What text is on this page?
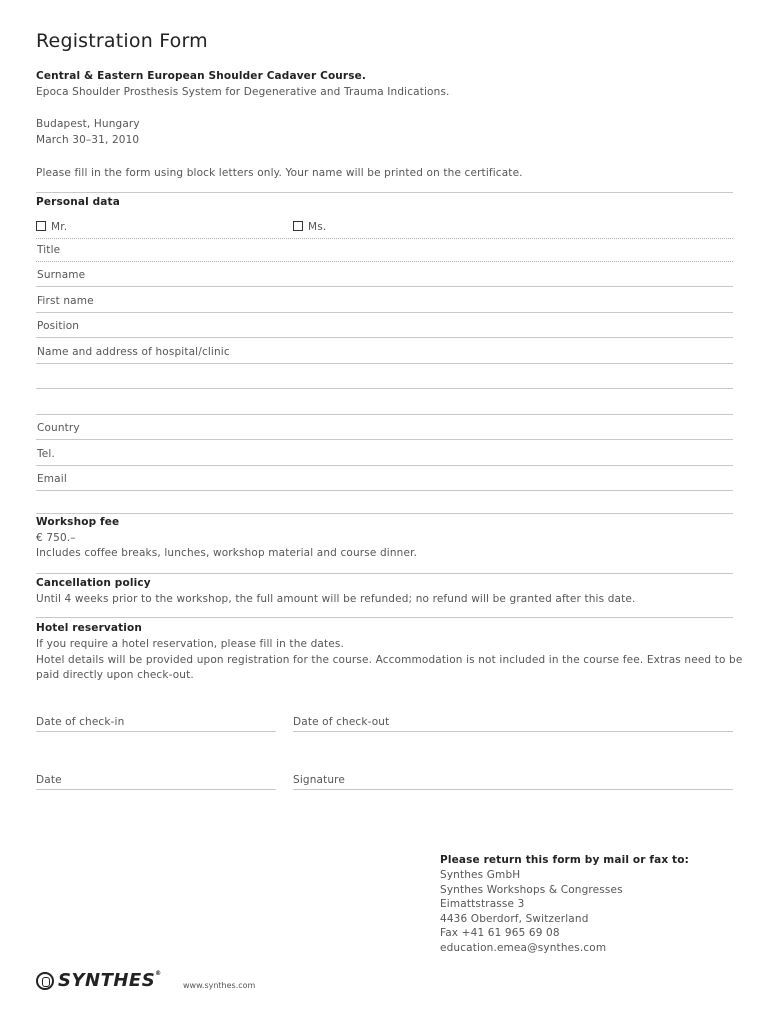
Registration Form
Central & Eastern European Shoulder Cadaver Course.
Epoca Shoulder Prosthesis System for Degenerative and Trauma Indications.
Budapest, Hungary
March 30–31, 2010
Please fill in the form using block letters only. Your name will be printed on the certificate.
Personal data
Mr.	Ms.
Title
Surname
First name
Position
Name and address of hospital/clinic
Country
Tel.
Email
Workshop fee
€ 750.–
Includes coffee breaks, lunches, workshop material and course dinner.
Cancellation policy
Until 4 weeks prior to the workshop, the full amount will be refunded; no refund will be granted after this date.
Hotel reservation
If you require a hotel reservation, please fill in the dates.
Hotel details will be provided upon registration for the course. Accommodation is not included in the course fee. Extras need to be
paid directly upon check-out.
Date of check-in	Date of check-out
Date	Signature
Please return this form by mail or fax to:
Synthes GmbH
Synthes Workshops & Congresses
Eimattstrasse 3
4436 Oberdorf, Switzerland
Fax +41 61 965 69 08
education.emea@synthes.com
SYNTHES®
www.synthes.com
